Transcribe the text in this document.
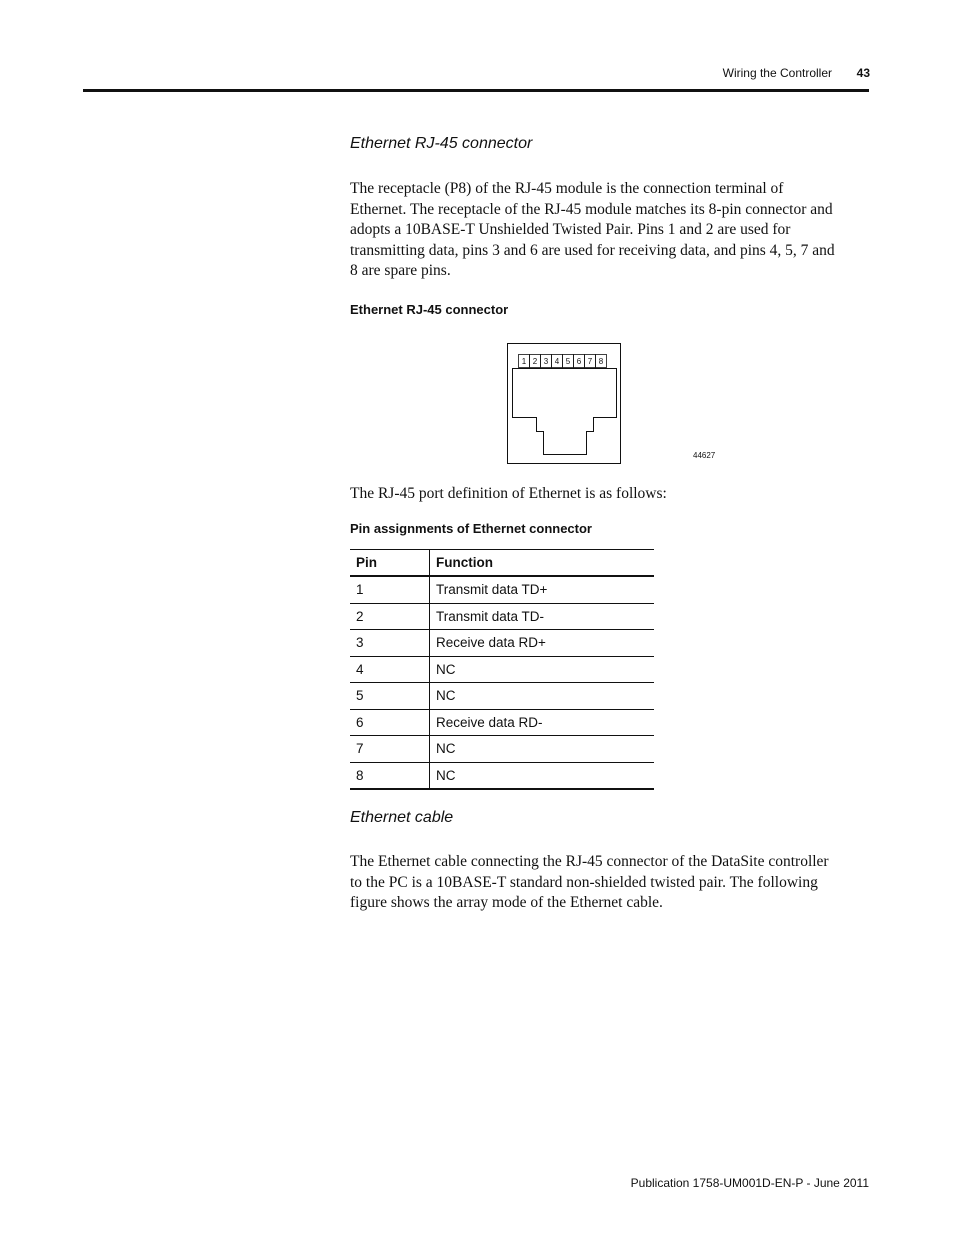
Wiring the Controller	43
Ethernet RJ-45 connector
The receptacle (P8) of the RJ-45 module is the connection terminal of
Ethernet. The receptacle of the RJ-45 module matches its 8-pin connector and
adopts a 10BASE-T Unshielded Twisted Pair. Pins 1 and 2 are used for
transmitting data, pins 3 and 6 are used for receiving data, and pins 4, 5, 7 and
8 are spare pins.
Ethernet RJ-45 connector
1 2 3 4 5 6 7 8
44627
The RJ-45 port definition of Ethernet is as follows:
Pin assignments of Ethernet connector
Pin	Function
1	Transmit data TD+
2	Transmit data TD-
3	Receive data RD+
4	NC
5	NC
6	Receive data RD-
7	NC
8	NC
Ethernet cable
The Ethernet cable connecting the RJ-45 connector of the DataSite controller
to the PC is a 10BASE-T standard non-shielded twisted pair. The following
figure shows the array mode of the Ethernet cable.
Publication 1758-UM001D-EN-P - June 2011
